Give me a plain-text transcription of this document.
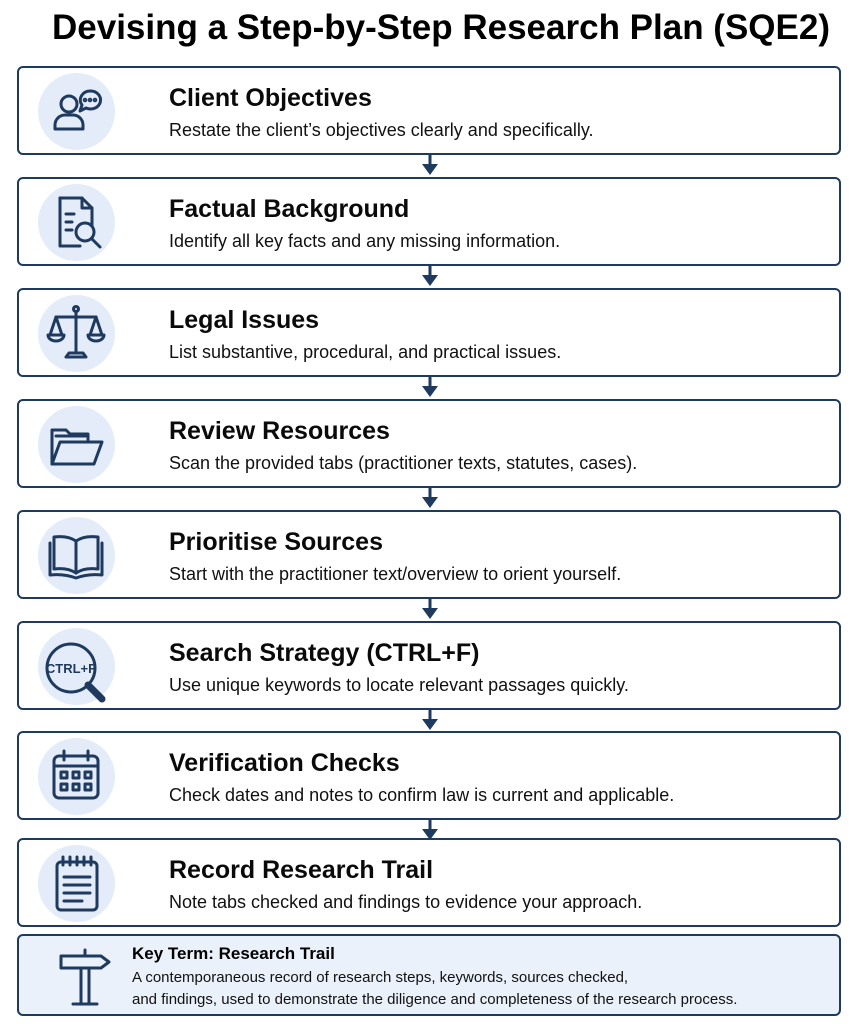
Devising a Step-by-Step Research Plan (SQE2)
Client Objectives
Restate the client’s objectives clearly and specifically.
Factual Background
Identify all key facts and any missing information.
Legal Issues
List substantive, procedural, and practical issues.
Review Resources
Scan the provided tabs (practitioner texts, statutes, cases).
Prioritise Sources
Start with the practitioner text/overview to orient yourself.
CTRL+F
Search Strategy (CTRL+F)
Use unique keywords to locate relevant passages quickly.
Verification Checks
Check dates and notes to confirm law is current and applicable.
Record Research Trail
Note tabs checked and findings to evidence your approach.
Key Term: Research Trail
A contemporaneous record of research steps, keywords, sources checked,
and findings, used to demonstrate the diligence and completeness of the research process.
